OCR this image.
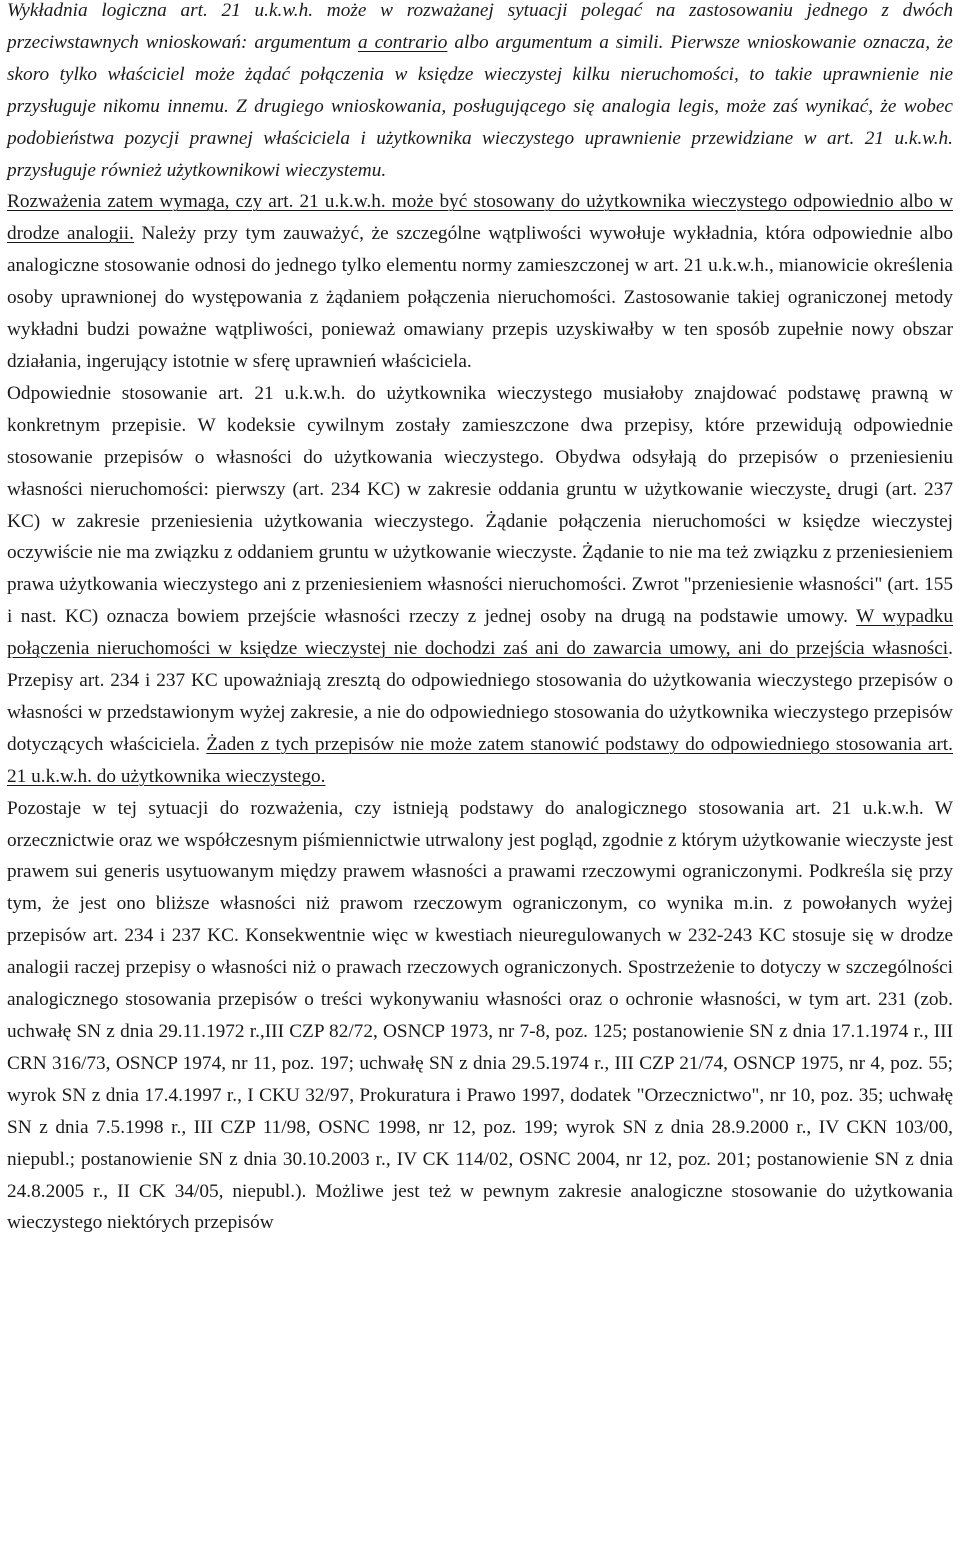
Wykładnia logiczna art. 21 u.k.w.h. może w rozważanej sytuacji polegać na zastosowaniu jednego z dwóch przeciwstawnych wnioskowań: argumentum a contrario albo argumentum a simili. Pierwsze wnioskowanie oznacza, że skoro tylko właściciel może żądać połączenia w księdze wieczystej kilku nieruchomości, to takie uprawnienie nie przysługuje nikomu innemu. Z drugiego wnioskowania, posługującego się analogia legis, może zaś wynikać, że wobec podobieństwa pozycji prawnej właściciela i użytkownika wieczystego uprawnienie przewidziane w art. 21 u.k.w.h. przysługuje również użytkownikowi wieczystemu.

Rozważenia zatem wymaga, czy art. 21 u.k.w.h. może być stosowany do użytkownika wieczystego odpowiednio albo w drodze analogii. Należy przy tym zauważyć, że szczególne wątpliwości wywołuje wykładnia, która odpowiednie albo analogiczne stosowanie odnosi do jednego tylko elementu normy zamieszczonej w art. 21 u.k.w.h., mianowicie określenia osoby uprawnionej do występowania z żądaniem połączenia nieruchomości. Zastosowanie takiej ograniczonej metody wykładni budzi poważne wątpliwości, ponieważ omawiany przepis uzyskiwałby w ten sposób zupełnie nowy obszar działania, ingerujący istotnie w sferę uprawnień właściciela.

Odpowiednie stosowanie art. 21 u.k.w.h. do użytkownika wieczystego musiałoby znajdować podstawę prawną w konkretnym przepisie. W kodeksie cywilnym zostały zamieszczone dwa przepisy, które przewidują odpowiednie stosowanie przepisów o własności do użytkowania wieczystego. Obydwa odsyłają do przepisów o przeniesieniu własności nieruchomości: pierwszy (art. 234 KC) w zakresie oddania gruntu w użytkowanie wieczyste, drugi (art. 237 KC) w zakresie przeniesienia użytkowania wieczystego. Żądanie połączenia nieruchomości w księdze wieczystej oczywiście nie ma związku z oddaniem gruntu w użytkowanie wieczyste. Żądanie to nie ma też związku z przeniesieniem prawa użytkowania wieczystego ani z przeniesieniem własności nieruchomości. Zwrot "przeniesienie własności" (art. 155 i nast. KC) oznacza bowiem przejście własności rzeczy z jednej osoby na drugą na podstawie umowy. W wypadku połączenia nieruchomości w księdze wieczystej nie dochodzi zaś ani do zawarcia umowy, ani do przejścia własności. Przepisy art. 234 i 237 KC upoważniają zresztą do odpowiedniego stosowania do użytkowania wieczystego przepisów o własności w przedstawionym wyżej zakresie, a nie do odpowiedniego stosowania do użytkownika wieczystego przepisów dotyczących właściciela. Żaden z tych przepisów nie może zatem stanowić podstawy do odpowiedniego stosowania art. 21 u.k.w.h. do użytkownika wieczystego.

Pozostaje w tej sytuacji do rozważenia, czy istnieją podstawy do analogicznego stosowania art. 21 u.k.w.h. W orzecznictwie oraz we współczesnym piśmiennictwie utrwalony jest pogląd, zgodnie z którym użytkowanie wieczyste jest prawem sui generis usytuowanym między prawem własności a prawami rzeczowymi ograniczonymi. Podkreśla się przy tym, że jest ono bliższe własności niż prawom rzeczowym ograniczonym, co wynika m.in. z powołanych wyżej przepisów art. 234 i 237 KC. Konsekwentnie więc w kwestiach nieuregulowanych w 232-243 KC stosuje się w drodze analogii raczej przepisy o własności niż o prawach rzeczowych ograniczonych. Spostrzeżenie to dotyczy w szczególności analogicznego stosowania przepisów o treści wykonywaniu własności oraz o ochronie własności, w tym art. 231 (zob. uchwałę SN z dnia 29.11.1972 r.,III CZP 82/72, OSNCP 1973, nr 7-8, poz. 125; postanowienie SN z dnia 17.1.1974 r., III CRN 316/73, OSNCP 1974, nr 11, poz. 197; uchwałę SN z dnia 29.5.1974 r., III CZP 21/74, OSNCP 1975, nr 4, poz. 55; wyrok SN z dnia 17.4.1997 r., I CKU 32/97, Prokuratura i Prawo 1997, dodatek "Orzecznictwo", nr 10, poz. 35; uchwałę SN z dnia 7.5.1998 r., III CZP 11/98, OSNC 1998, nr 12, poz. 199; wyrok SN z dnia 28.9.2000 r., IV CKN 103/00, niepubl.; postanowienie SN z dnia 30.10.2003 r., IV CK 114/02, OSNC 2004, nr 12, poz. 201; postanowienie SN z dnia 24.8.2005 r., II CK 34/05, niepubl.). Możliwe jest też w pewnym zakresie analogiczne stosowanie do użytkowania wieczystego niektórych przepisów
